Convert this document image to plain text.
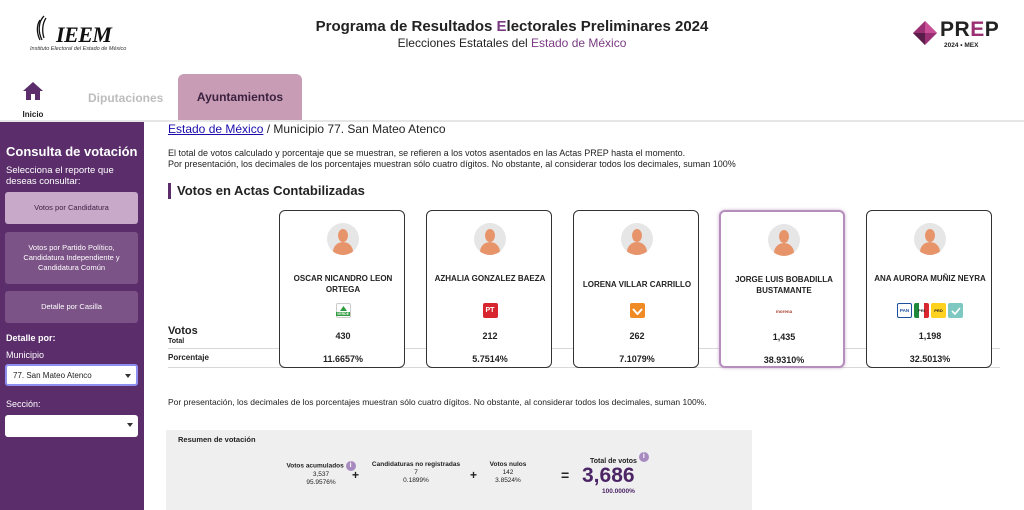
IEEM
Instituto Electoral del Estado de México
Programa de Resultados Electorales Preliminares 2024
Elecciones Estatales del Estado de México
PREP
2024 • MEX
Inicio
Diputaciones	Ayuntamientos
Consulta de votación
Selecciona el reporte que deseas consultar:
Votos por Candidatura
Votos por Partido Político, Candidatura Independiente y Candidatura Común
Detalle por Casilla
Detalle por:
Municipio
77. San Mateo Atenco
Sección:
Estado de México / Municipio 77. San Mateo Atenco
El total de votos calculado y porcentaje que se muestran, se refieren a los votos asentados en las Actas PREP hasta el momento.
Por presentación, los decimales de los porcentajes muestran sólo cuatro dígitos. No obstante, al considerar todos los decimales, suman 100%
Votos en Actas Contabilizadas
Votos
Total
Porcentaje
OSCAR NICANDRO LEON ORTEGA
VERDE
430
11.6657%
AZHALIA GONZALEZ BAEZA
PT
212
5.7514%
LORENA VILLAR CARRILLO
262
7.1079%
JORGE LUIS BOBADILLA BUSTAMANTE
morena
1,435
38.9310%
ANA AURORA MUÑIZ NEYRA
PAN	PRI	PRD
1,198
32.5013%
Por presentación, los decimales de los porcentajes muestran sólo cuatro dígitos. No obstante, al considerar todos los decimales, suman 100%.
Resumen de votación
Votos acumulados i
3,537
95.9576%
+
Candidaturas no registradas
7
0.1899%	+
Votos nulos
142
3.8524%	=
Total de votos i
3,686
100.0000%
